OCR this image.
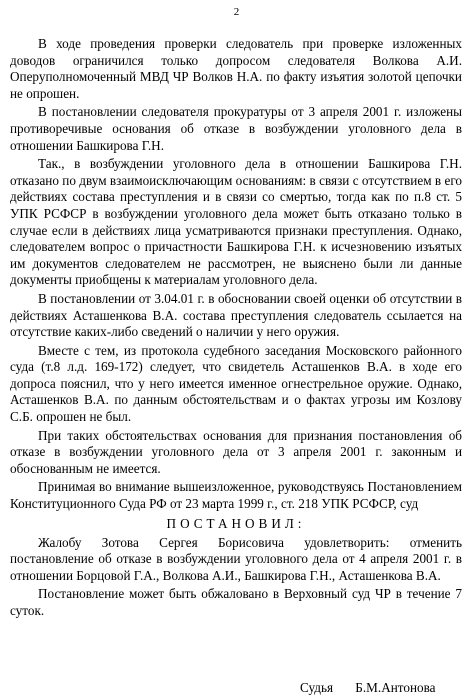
2

В ходе проведения проверки следователь при проверке изложенных доводов ограничился только допросом следователя Волкова А.И. Оперуполномоченный МВД ЧР Волков Н.А. по факту изъятия золотой цепочки не опрошен.

В постановлении следователя прокуратуры от 3 апреля 2001 г. изложены противоречивые основания об отказе в возбуждении уголовного дела в отношении Башкирова Г.Н.

Так., в возбуждении уголовного дела в отношении Башкирова Г.Н. отказано по двум взаимоисключающим основаниям: в связи с отсутствием в его действиях состава преступления и в связи со смертью, тогда как по п.8 ст. 5 УПК РСФСР в возбуждении уголовного дела может быть отказано только в случае если в действиях лица усматриваются признаки преступления. Однако, следователем вопрос о причастности Башкирова Г.Н. к исчезновению изъятых им документов следователем не рассмотрен, не выяснено были ли данные документы приобщены к материалам уголовного дела.

В постановлении от 3.04.01 г. в обосновании своей оценки об отсутствии в действиях Асташенкова В.А. состава преступления следователь ссылается на отсутствие каких-либо сведений о наличии у него оружия.

Вместе с тем, из протокола судебного заседания Московского районного суда (т.8 л.д. 169-172) следует, что свидетель Асташенков В.А. в ходе его допроса пояснил, что у него имеется именное огнестрельное оружие. Однако, Асташенков В.А. по данным обстоятельствам и о фактах угрозы им Козлову С.Б. опрошен не был.

При таких обстоятельствах основания для признания постановления об отказе в возбуждении уголовного дела от 3 апреля 2001 г. законным и обоснованным не имеется.

Принимая во внимание вышеизложенное, руководствуясь Постановлением Конституционного Суда РФ от 23 марта 1999 г., ст. 218 УПК РСФСР, суд

ПОСТАНОВИЛ:

Жалобу Зотова Сергея Борисовича удовлетворить: отменить постановление об отказе в возбуждении уголовного дела от 4 апреля 2001 г. в отношении Борцовой Г.А., Волкова А.И., Башкирова Г.Н., Асташенкова В.А.

Постановление может быть обжаловано в Верховный суд ЧР в течение 7 суток.

Судья Б.М.Антонова
